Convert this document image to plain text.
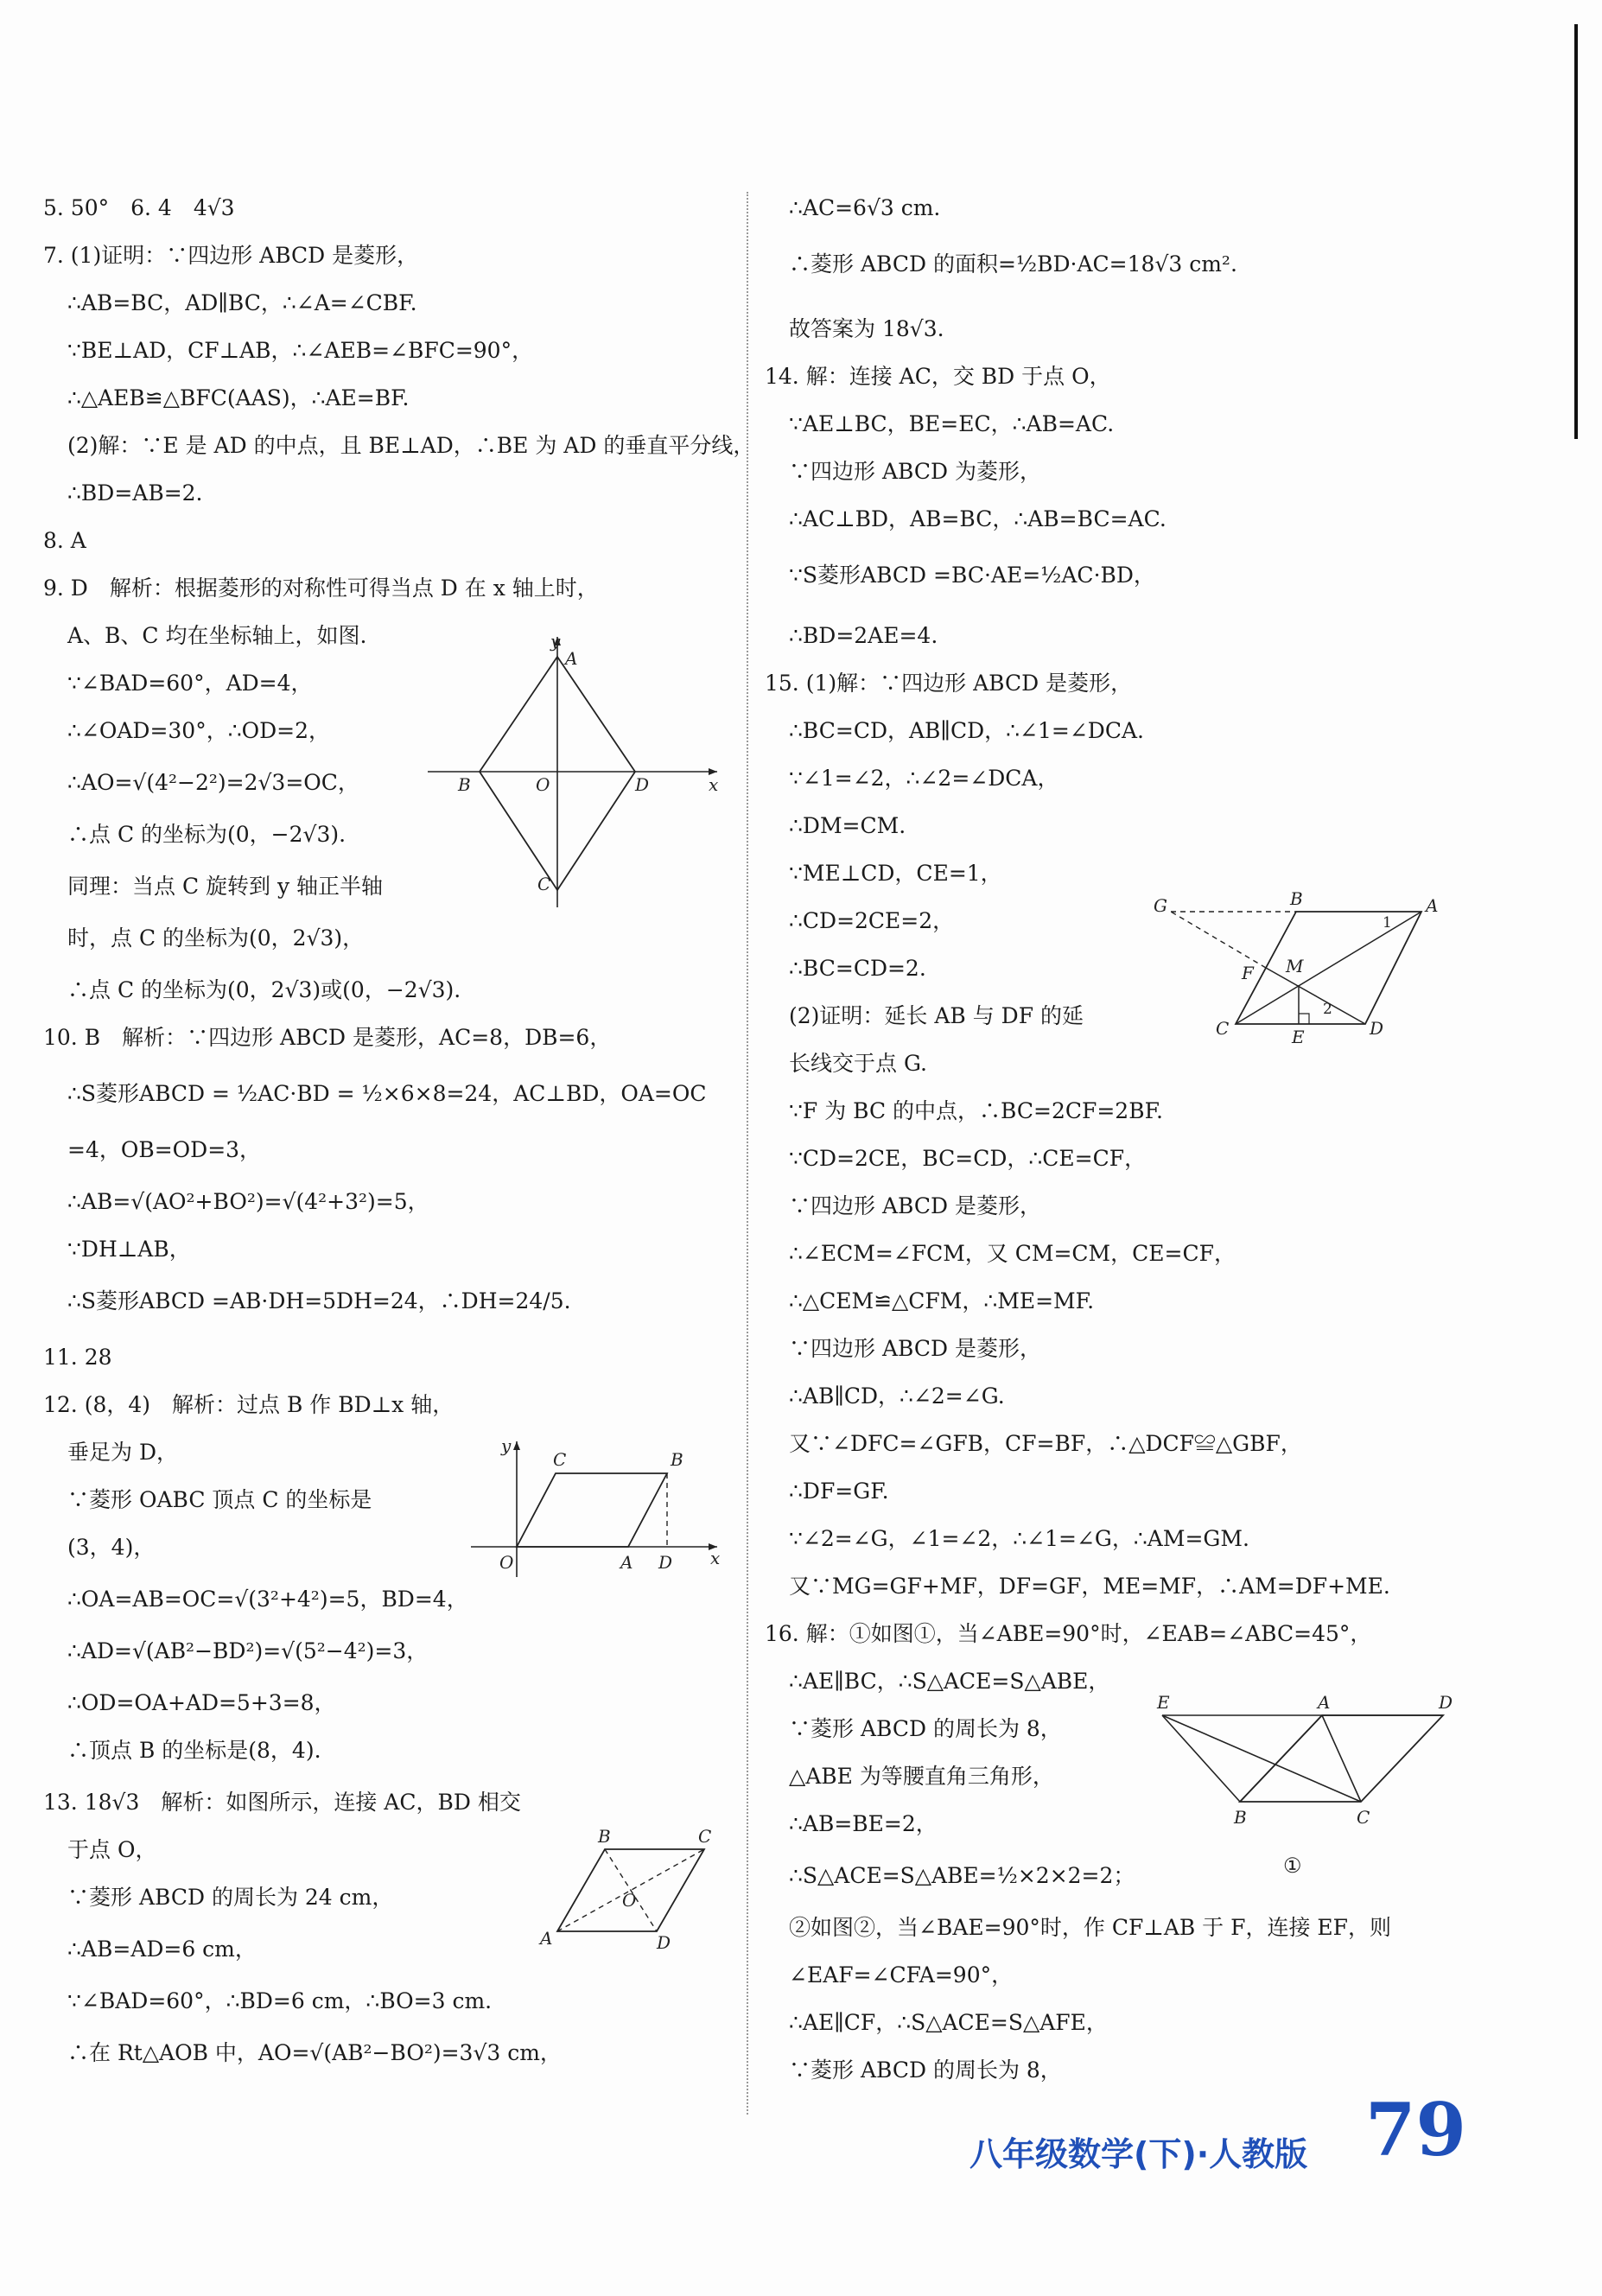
5. 50°　6. 4　4√3
7. (1)证明：∵四边形 ABCD 是菱形，
∴AB=BC，AD∥BC，∴∠A=∠CBF.
∵BE⊥AD，CF⊥AB，∴∠AEB=∠BFC=90°，
∴△AEB≌△BFC(AAS)，∴AE=BF.
(2)解：∵E 是 AD 的中点，且 BE⊥AD，∴BE 为 AD 的垂直平分线，
∴BD=AB=2.
8. A
9. D　解析：根据菱形的对称性可得当点 D 在 x 轴上时，
A、B、C 均在坐标轴上，如图.
∵∠BAD=60°，AD=4，
∴∠OAD=30°，∴OD=2，
∴AO=√(4²−2²)=2√3=OC，
∴点 C 的坐标为(0，−2√3).
同理：当点 C 旋转到 y 轴正半轴
时，点 C 的坐标为(0，2√3)，
∴点 C 的坐标为(0，2√3)或(0，−2√3).
10. B　解析：∵四边形 ABCD 是菱形，AC=8，DB=6，
∴S菱形ABCD = ½AC·BD = ½×6×8=24，AC⊥BD，OA=OC
=4，OB=OD=3，
∴AB=√(AO²+BO²)=√(4²+3²)=5，
∵DH⊥AB，
∴S菱形ABCD =AB·DH=5DH=24，∴DH=24/5.
11. 28
12. (8，4)　解析：过点 B 作 BD⊥x 轴，
垂足为 D，
∵菱形 OABC 顶点 C 的坐标是
(3，4)，
∴OA=AB=OC=√(3²+4²)=5，BD=4，
∴AD=√(AB²−BD²)=√(5²−4²)=3，
∴OD=OA+AD=5+3=8，
∴顶点 B 的坐标是(8，4).
13. 18√3　解析：如图所示，连接 AC，BD 相交
于点 O，
∵菱形 ABCD 的周长为 24 cm，
∴AB=AD=6 cm，
∵∠BAD=60°，∴BD=6 cm，∴BO=3 cm.
∴在 Rt△AOB 中，AO=√(AB²−BO²)=3√3 cm，
∴AC=6√3 cm.
∴菱形 ABCD 的面积=½BD·AC=18√3 cm².
故答案为 18√3.
14. 解：连接 AC，交 BD 于点 O，
∵AE⊥BC，BE=EC，∴AB=AC.
∵四边形 ABCD 为菱形，
∴AC⊥BD，AB=BC，∴AB=BC=AC.
∵S菱形ABCD =BC·AE=½AC·BD，
∴BD=2AE=4.
15. (1)解：∵四边形 ABCD 是菱形，
∴BC=CD，AB∥CD，∴∠1=∠DCA.
∵∠1=∠2，∴∠2=∠DCA，
∴DM=CM.
∵ME⊥CD，CE=1，
∴CD=2CE=2，
∴BC=CD=2.
(2)证明：延长 AB 与 DF 的延
长线交于点 G.
∵F 为 BC 的中点，∴BC=2CF=2BF.
∵CD=2CE，BC=CD，∴CE=CF，
∵四边形 ABCD 是菱形，
∴∠ECM=∠FCM，又 CM=CM，CE=CF，
∴△CEM≌△CFM，∴ME=MF.
∵四边形 ABCD 是菱形，
∴AB∥CD，∴∠2=∠G.
又∵∠DFC=∠GFB，CF=BF，∴△DCF≌△GBF，
∴DF=GF.
∵∠2=∠G，∠1=∠2，∴∠1=∠G，∴AM=GM.
又∵MG=GF+MF，DF=GF，ME=MF，∴AM=DF+ME.
16. 解：①如图①，当∠ABE=90°时，∠EAB=∠ABC=45°，
∴AE∥BC，∴S△ACE=S△ABE，
∵菱形 ABCD 的周长为 8，
△ABE 为等腰直角三角形，
∴AB=BE=2，
∴S△ACE=S△ABE=½×2×2=2；
②如图②，当∠BAE=90°时，作 CF⊥AB 于 F，连接 EF，则
∠EAF=∠CFA=90°，
∴AE∥CF，∴S△ACE=S△AFE，
∵菱形 ABCD 的周长为 8，
y
A
B	O	D	x
C
y
C	B
O	A D x
B	C
O
A	D
G	B	A
1
F M
2
C	E	D
E	A	D
B	C
①
八年级数学(下)·人教版 79
